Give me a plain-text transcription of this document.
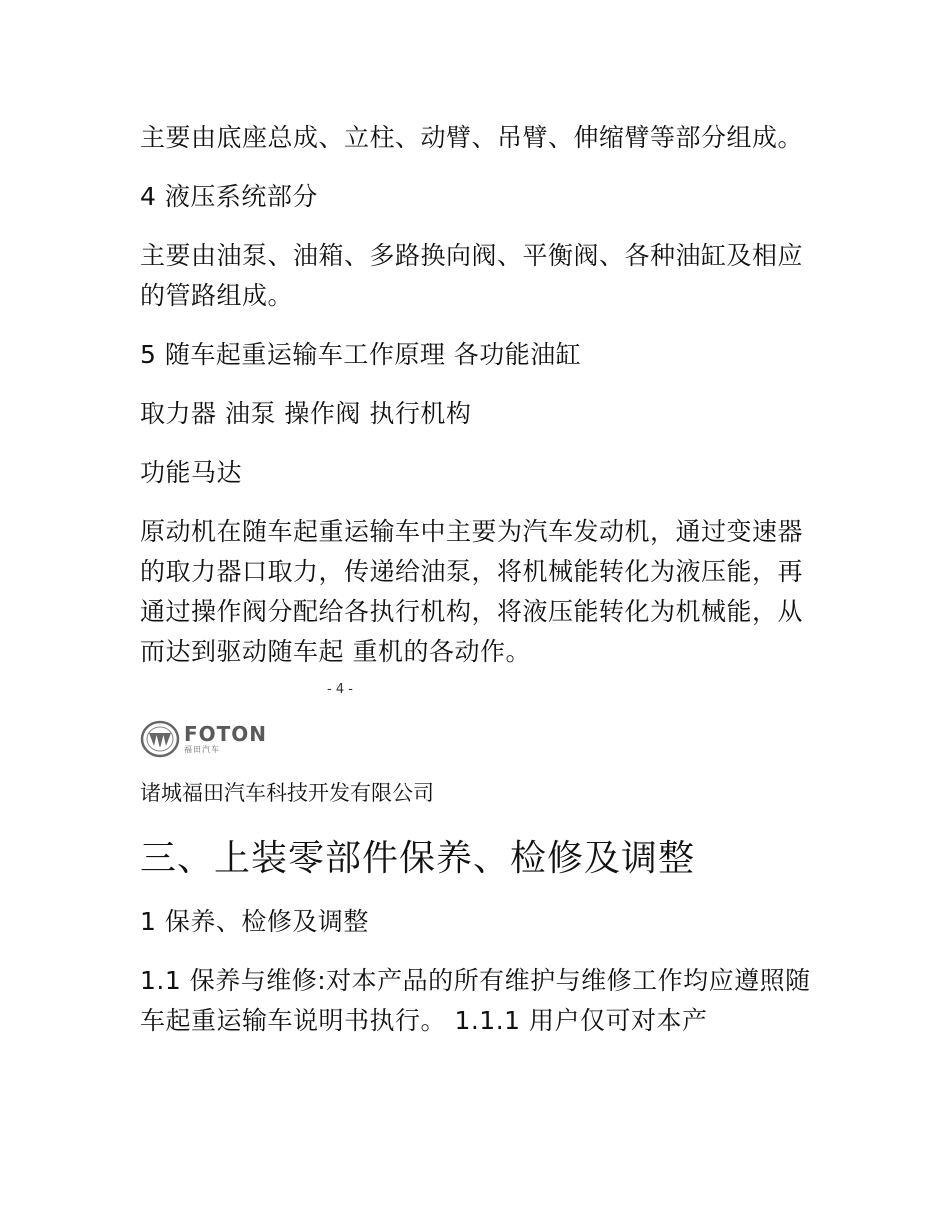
主要由底座总成、立柱、动臂、吊臂、伸缩臂等部分组成。

4 液压系统部分

主要由油泵、油箱、多路换向阀、平衡阀、各种油缸及相应的管路组成。

5 随车起重运输车工作原理 各功能油缸

取力器 油泵 操作阀 执行机构

功能马达

原动机在随车起重运输车中主要为汽车发动机，通过变速器的取力器口取力，传递给油泵，将机械能转化为液压能，再通过操作阀分配给各执行机构，将液压能转化为机械能，从而达到驱动随车起 重机的各动作。

- 4 -
FOTON
福田汽车

诸城福田汽车科技开发有限公司

三、上装零部件保养、检修及调整

1 保养、检修及调整

1.1 保养与维修:对本产品的所有维护与维修工作均应遵照随车起重运输车说明书执行。 1.1.1 用户仅可对本产
